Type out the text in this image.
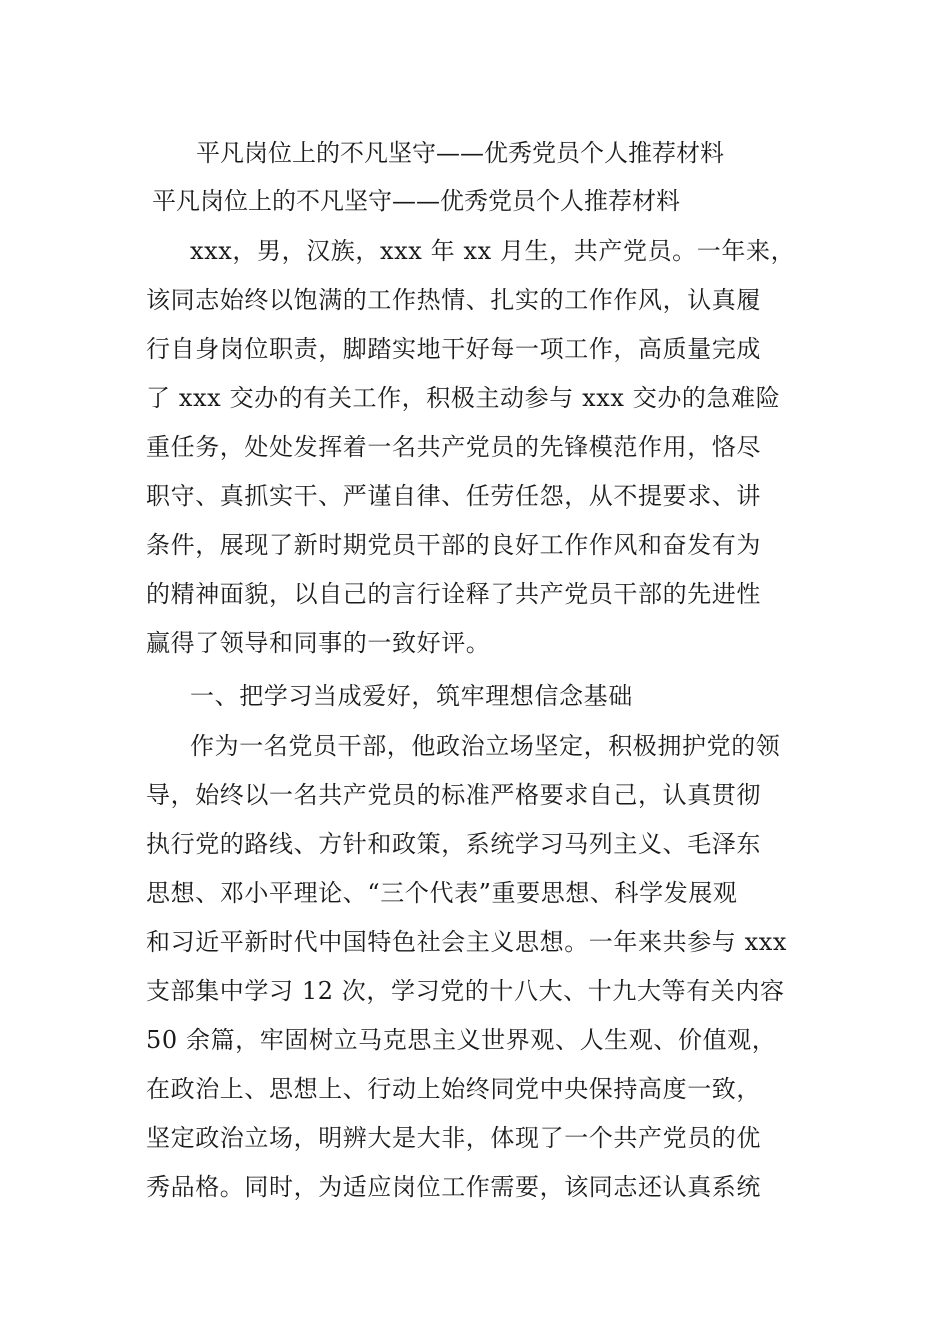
平凡岗位上的不凡坚守——优秀党员个人推荐材料
平凡岗位上的不凡坚守——优秀党员个人推荐材料
xxx，男，汉族，xxx 年 xx 月生，共产党员。一年来，
该同志始终以饱满的工作热情、扎实的工作作风，认真履
行自身岗位职责，脚踏实地干好每一项工作，高质量完成
了 xxx 交办的有关工作，积极主动参与 xxx 交办的急难险
重任务，处处发挥着一名共产党员的先锋模范作用，恪尽
职守、真抓实干、严谨自律、任劳任怨，从不提要求、讲
条件，展现了新时期党员干部的良好工作作风和奋发有为
的精神面貌，以自己的言行诠释了共产党员干部的先进性
赢得了领导和同事的一致好评。
一、把学习当成爱好，筑牢理想信念基础
作为一名党员干部，他政治立场坚定，积极拥护党的领
导，始终以一名共产党员的标准严格要求自己，认真贯彻
执行党的路线、方针和政策，系统学习马列主义、毛泽东
思想、邓小平理论、“三个代表”重要思想、科学发展观
和习近平新时代中国特色社会主义思想。一年来共参与 xxx
支部集中学习 12 次，学习党的十八大、十九大等有关内容
50 余篇，牢固树立马克思主义世界观、人生观、价值观，
在政治上、思想上、行动上始终同党中央保持高度一致，
坚定政治立场，明辨大是大非，体现了一个共产党员的优
秀品格。同时，为适应岗位工作需要，该同志还认真系统
